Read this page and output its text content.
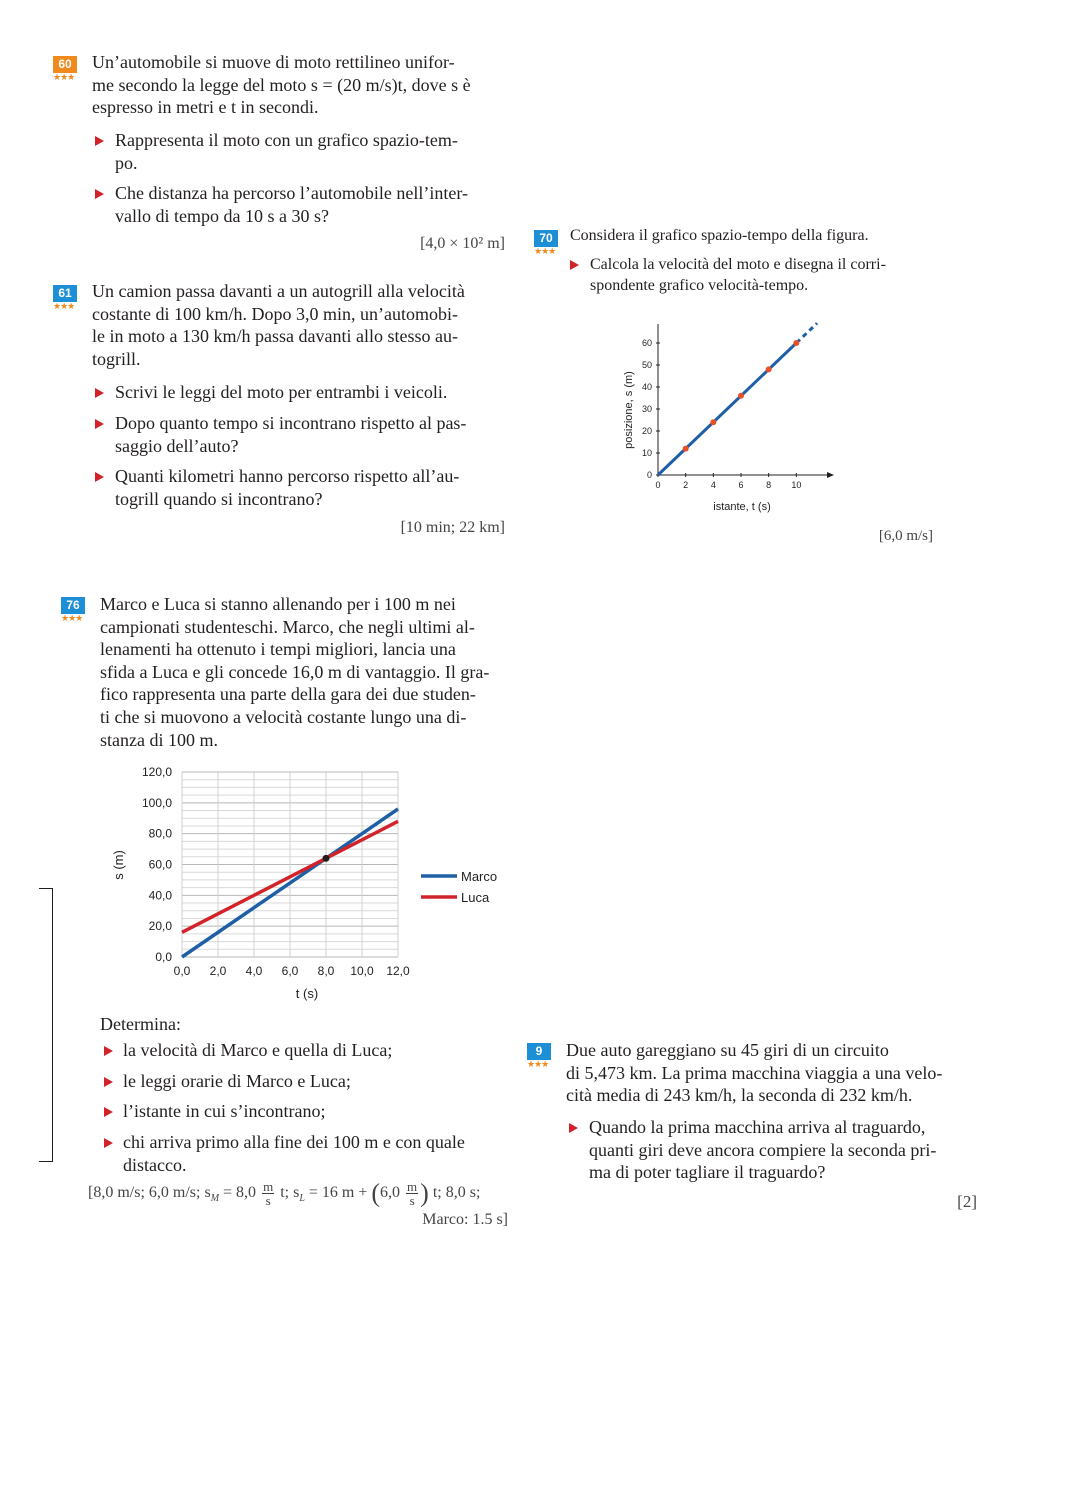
60
★★★
Un’automobile si muove di moto rettilineo unifor-
me secondo la legge del moto s = (20 m/s)t, dove s è
espresso in metri e t in secondi.
Rappresenta il moto con un grafico spazio-tem-
po.
Che distanza ha percorso l’automobile nell’inter-
vallo di tempo da 10 s a 30 s?
[4,0 × 10² m]
61
★★★
Un camion passa davanti a un autogrill alla velocità
costante di 100 km/h. Dopo 3,0 min, un’automobi-
le in moto a 130 km/h passa davanti allo stesso au-
togrill.
Scrivi le leggi del moto per entrambi i veicoli.
Dopo quanto tempo si incontrano rispetto al pas-
saggio dell’auto?
Quanti kilometri hanno percorso rispetto all’au-
togrill quando si incontrano?
[10 min; 22 km]
70
★★★
Considera il grafico spazio-tempo della figura.
Calcola la velocità del moto e disegna il corri-
spondente grafico velocità-tempo.
0	2	4	6	8 10
0
10
20
30
40
50
60
istante, t (s)
posizione, s (m)
[6,0 m/s]
76
★★★
Marco e Luca si stanno allenando per i 100 m nei
campionati studenteschi. Marco, che negli ultimi al-
lenamenti ha ottenuto i tempi migliori, lancia una
sfida a Luca e gli concede 16,0 m di vantaggio. Il gra-
fico rappresenta una parte della gara dei due studen-
ti che si muovono a velocità costante lungo una di-
stanza di 100 m.
0,0 2,0 4,0 6,0 8,0 10,0 12,0
0,0
20,0
40,0
60,0
80,0
100,0
120,0
Marco
Luca
t (s)
s (m)
Determina:
la velocità di Marco e quella di Luca;
le leggi orarie di Marco e Luca;
l’istante in cui s’incontrano;
chi arriva primo alla fine dei 100 m e con quale
distacco.
[8,0 m/s; 6,0 m/s; $s_M = 8,0 \frac{m}{s} t$; $s_L = 16$ $m + (6,0 \frac{m}{s}$ ) t; 8,0 s;
Marco: 1.5 s]
9
★★★
Due auto gareggiano su 45 giri di un circuito
di 5,473 km. La prima macchina viaggia a una velo-
cità media di 243 km/h, la seconda di 232 km/h.
Quando la prima macchina arriva al traguardo,
quanti giri deve ancora compiere la seconda pri-
ma di poter tagliare il traguardo?
[2]
